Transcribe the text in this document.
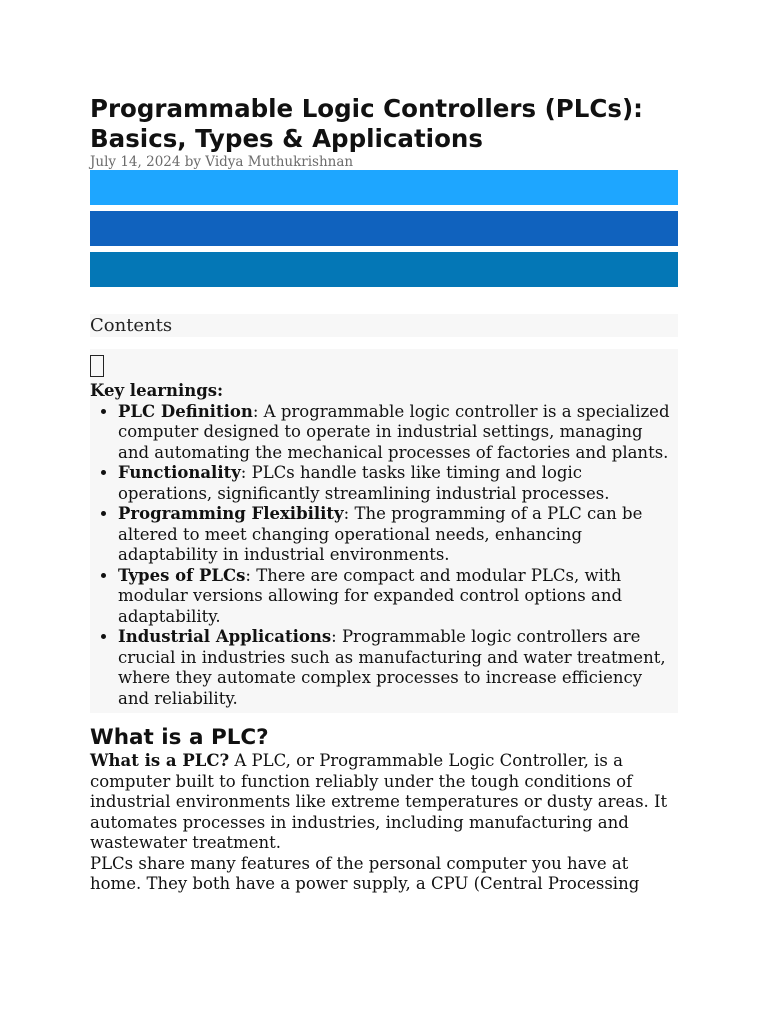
Programmable Logic Controllers (PLCs):
Basics, Types & Applications
July 14, 2024 by Vidya Muthukrishnan
Contents
Key learnings:
• PLC Definition: A programmable logic controller is a specialized computer designed to operate in industrial settings, managing and automating the mechanical processes of factories and plants.
• Functionality: PLCs handle tasks like timing and logic operations, significantly streamlining industrial processes.
• Programming Flexibility: The programming of a PLC can be altered to meet changing operational needs, enhancing adaptability in industrial environments.
• Types of PLCs: There are compact and modular PLCs, with modular versions allowing for expanded control options and adaptability.
• Industrial Applications: Programmable logic controllers are crucial in industries such as manufacturing and water treatment, where they automate complex processes to increase efficiency and reliability.
What is a PLC?

What is a PLC? A PLC, or Programmable Logic Controller, is a computer built to function reliably under the tough conditions of industrial environments like extreme temperatures or dusty areas. It automates processes in industries, including manufacturing and wastewater treatment.

PLCs share many features of the personal computer you have at home. They both have a power supply, a CPU (Central Processing
